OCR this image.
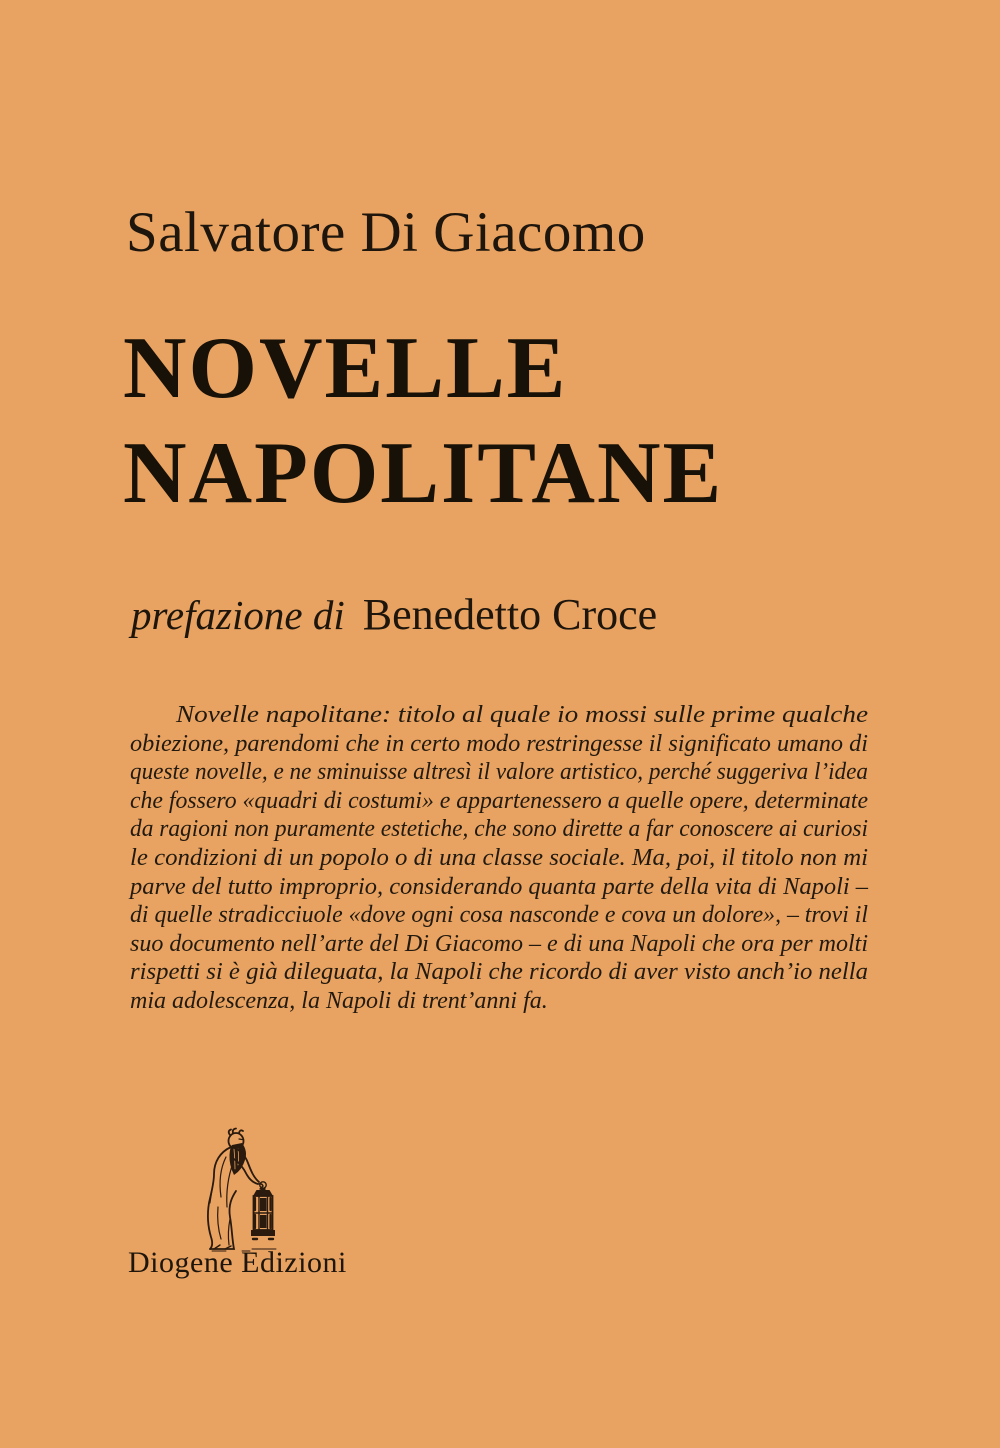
Salvatore Di Giacomo
NOVELLE
NAPOLITANE
prefazione di Benedetto Croce
Novelle napolitane: titolo al quale io mossi sulle prime qualche
obiezione, parendomi che in certo modo restringesse il significato umano di
queste novelle, e ne sminuisse altresì il valore artistico, perché suggeriva l’idea
che fossero «quadri di costumi» e appartenessero a quelle opere, determinate
da ragioni non puramente estetiche, che sono dirette a far conoscere ai curiosi
le condizioni di un popolo o di una classe sociale. Ma, poi, il titolo non mi
parve del tutto improprio, considerando quanta parte della vita di Napoli –
di quelle stradicciuole «dove ogni cosa nasconde e cova un dolore», – trovi il
suo documento nell’arte del Di Giacomo – e di una Napoli che ora per molti
rispetti si è già dileguata, la Napoli che ricordo di aver visto anch’io nella
mia adolescenza, la Napoli di trent’anni fa.
Diogene Edizioni
